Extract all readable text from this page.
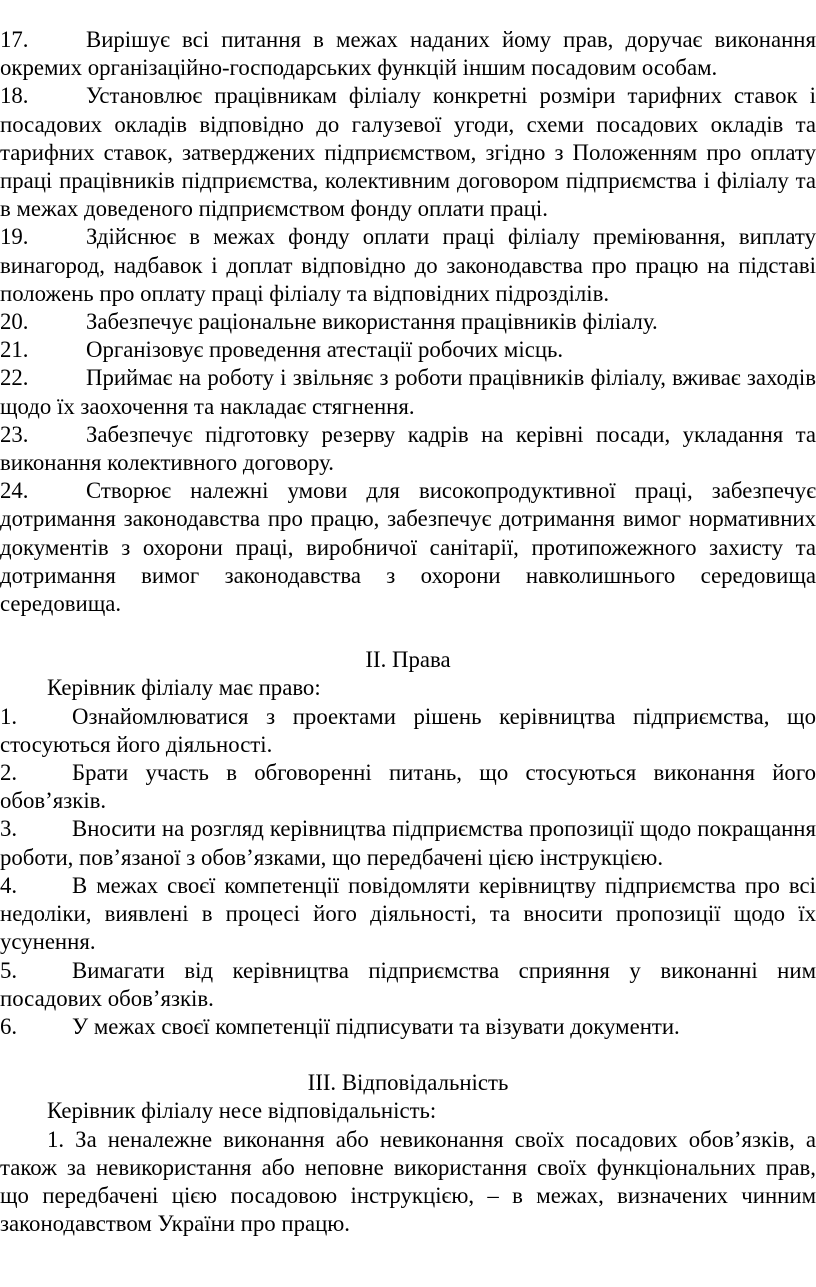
17.	Вирішує всі питання в межах наданих йому прав, доручає виконання окремих організаційно-господарських функцій іншим посадовим особам.

18.	Установлює працівникам філіалу конкретні розміри тарифних ставок і посадових окладів відповідно до галузевої угоди, схеми посадових окладів та тарифних ставок, затверджених підприємством, згідно з Положенням про оплату праці працівників підприємства, колективним договором підприємства і філіалу та в межах доведеного підприємством фонду оплати праці.

19.	Здійснює в межах фонду оплати праці філіалу преміювання, виплату винагород, надбавок і доплат відповідно до законодавства про працю на підставі положень про оплату праці філіалу та відповідних підрозділів.

20.	Забезпечує раціональне використання працівників філіалу.

21.	Організовує проведення атестації робочих місць.

22.	Приймає на роботу і звільняє з роботи працівників філіалу, вживає заходів щодо їх заохочення та накладає стягнення.

23.	Забезпечує підготовку резерву кадрів на керівні посади, укладання та виконання колективного договору.

24.	Створює належні умови для високопродуктивної праці, забезпечує дотримання законодавства про працю, забезпечує дотримання вимог нормативних документів з охорони праці, виробничої санітарії, протипожежного захисту та дотримання вимог законодавства з охорони навколишнього середовища середовища.

II. Права

Керівник філіалу має право:

1. Ознайомлюватися з проектами рішень керівництва підприємства, що стосуються його діяльності.

2. Брати участь в обговоренні питань, що стосуються виконання його обов’язків.

3. Вносити на розгляд керівництва підприємства пропозиції щодо покращання роботи, пов’язаної з обов’язками, що передбачені цією інструкцією.

4. В межах своєї компетенції повідомляти керівництву підприємства про всі недоліки, виявлені в процесі його діяльності, та вносити пропозиції щодо їх усунення.

5. Вимагати від керівництва підприємства сприяння у виконанні ним посадових обов’язків.

6. У межах своєї компетенції підписувати та візувати документи.

III. Відповідальність

Керівник філіалу несе відповідальність:

1. За неналежне виконання або невиконання своїх посадових обов’язків, а також за невикористання або неповне використання своїх функціональних прав, що передбачені цією посадовою інструкцією, – в межах, визначених чинним законодавством України про працю.
